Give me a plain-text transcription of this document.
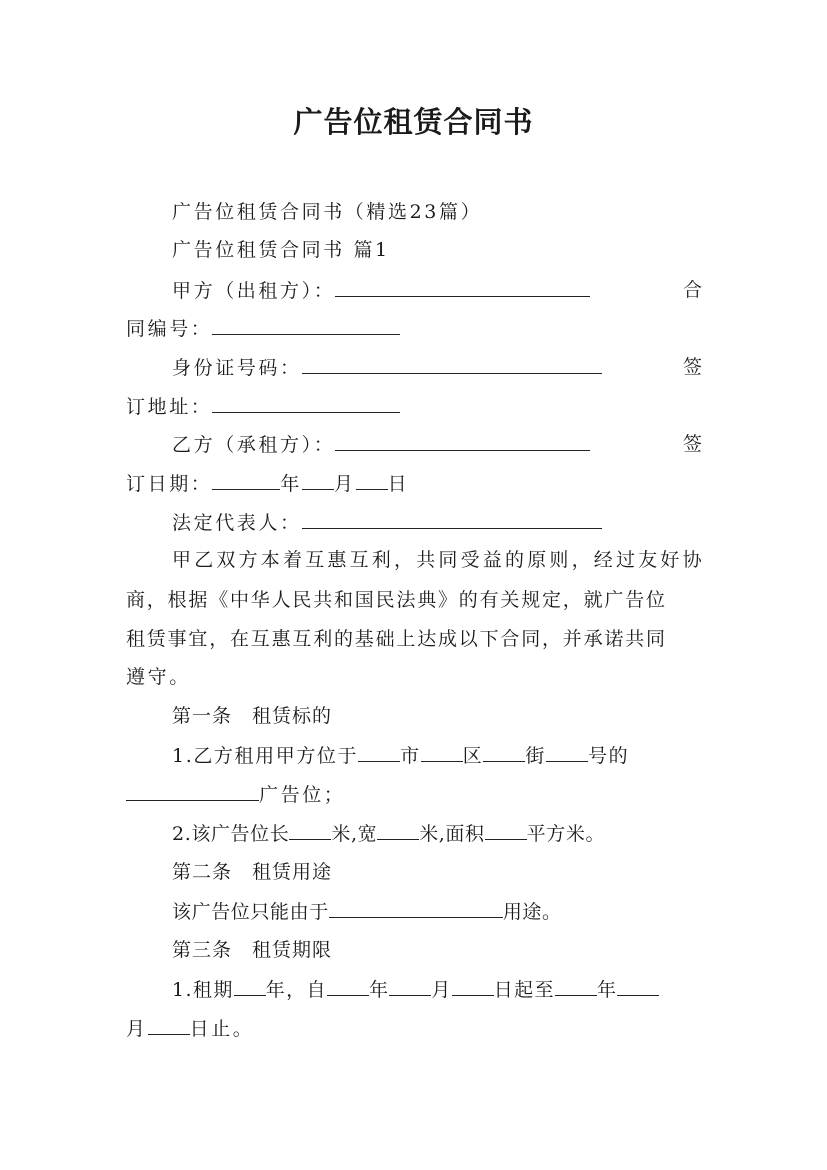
广告位租赁合同书
广告位租赁合同书（精选23篇）
广告位租赁合同书 篇1
甲方（出租方）：	合
同编号：
身份证号码：	签
订地址：
乙方（承租方）：	签
订日期：	年 月 日
法定代表人：
甲乙双方本着互惠互利，共同受益的原则，经过友好协
商，根据《中华人民共和国民法典》的有关规定，就广告位
租赁事宜，在互惠互利的基础上达成以下合同，并承诺共同
遵守。
第一条　租赁标的
1.乙方租用甲方位于 市 区 街 号的
广告位；
2.该广告位长 米,宽 米,面积 平方米。
第二条　租赁用途
该广告位只能由于	用途。
第三条　租赁期限
1.租期 年，自 年 月 日起至 年
月 日止。
